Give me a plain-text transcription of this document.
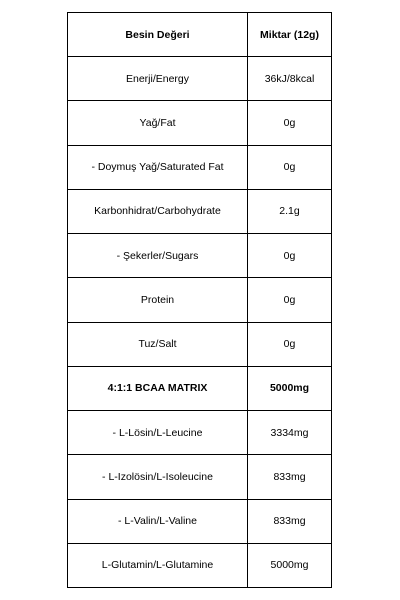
Besin Değeri	Miktar (12g)
Enerji/Energy	36kJ/8kcal
Yağ/Fat	0g
- Doymuş Yağ/Saturated Fat	0g
Karbonhidrat/Carbohydrate	2.1g
- Şekerler/Sugars	0g
Protein	0g
Tuz/Salt	0g
4:1:1 BCAA MATRIX	5000mg
- L-Lösin/L-Leucine	3334mg
- L-Izolösin/L-Isoleucine	833mg
- L-Valin/L-Valine	833mg
L-Glutamin/L-Glutamine	5000mg
